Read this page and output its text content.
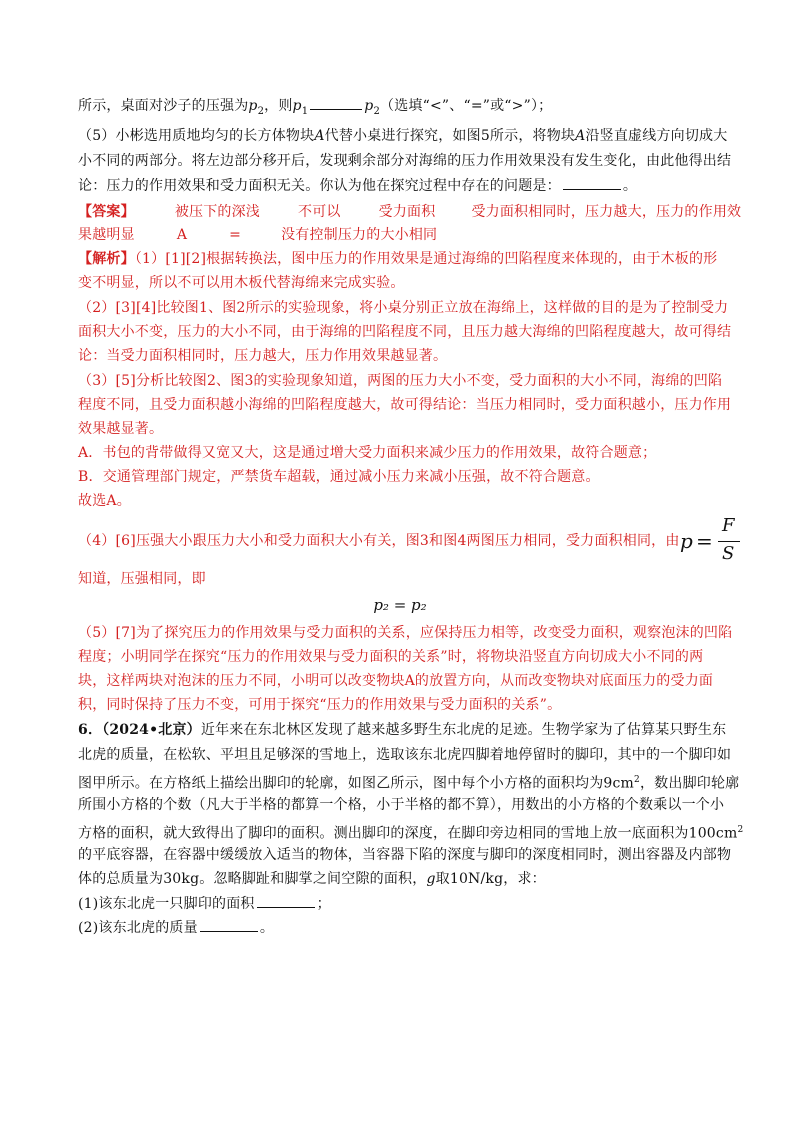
所示，桌面对沙子的压强为$p_2$，则$p_1$	$p_2$（选填“<”、“=”或“>”）；
（5）小彬选用质地均匀的长方体物块A代替小桌进行探究，如图5所示，将物块A沿竖直虚线方向切成大
小不同的两部分。将左边部分移开后，发现剩余部分对海绵的压力作用效果没有发生变化，由此他得出结
论：压力的作用效果和受力面积无关。你认为他在探究过程中存在的问题是：	。
【答案】	被压下的深浅	不可以	受力面积	受力面积相同时，压力越大，压力的作用效
果越明显	A	=	没有控制压力的大小相同
【解析】（1）[1][2]根据转换法，图中压力的作用效果是通过海绵的凹陷程度来体现的，由于木板的形
变不明显，所以不可以用木板代替海绵来完成实验。
（2）[3][4]比较图1、图2所示的实验现象，将小桌分别正立放在海绵上，这样做的目的是为了控制受力
面积大小不变，压力的大小不同，由于海绵的凹陷程度不同，且压力越大海绵的凹陷程度越大，故可得结
论：当受力面积相同时，压力越大，压力作用效果越显著。
（3）[5]分析比较图2、图3的实验现象知道，两图的压力大小不变，受力面积的大小不同，海绵的凹陷
程度不同，且受力面积越小海绵的凹陷程度越大，故可得结论：当压力相同时，受力面积越小，压力作用
效果越显著。
A．书包的背带做得又宽又大，这是通过增大受力面积来减少压力的作用效果，故符合题意；
B．交通管理部门规定，严禁货车超载，通过减小压力来减小压强，故不符合题意。
故选A。
（4）[6]压强大小跟压力大小和受力面积大小有关，图3和图4两图压力相同，受力面积相同，由 p =
F
S
知道，压强相同，即
p₂ = p₂
（5）[7]为了探究压力的作用效果与受力面积的关系，应保持压力相等，改变受力面积，观察泡沫的凹陷
程度；小明同学在探究“压力的作用效果与受力面积的关系”时，将物块沿竖直方向切成大小不同的两
块，这样两块对泡沫的压力不同，小明可以改变物块A的放置方向，从而改变物块对底面压力的受力面
积，同时保持了压力不变，可用于探究“压力的作用效果与受力面积的关系”。
6．（2024•北京）近年来在东北林区发现了越来越多野生东北虎的足迹。生物学家为了估算某只野生东
北虎的质量，在松软、平坦且足够深的雪地上，选取该东北虎四脚着地停留时的脚印，其中的一个脚印如
图甲所示。在方格纸上描绘出脚印的轮廓，如图乙所示，图中每个小方格的面积均为$9cm^2$，数出脚印轮廓
所围小方格的个数（凡大于半格的都算一个格，小于半格的都不算），用数出的小方格的个数乘以一个小
方格的面积，就大致得出了脚印的面积。测出脚印的深度，在脚印旁边相同的雪地上放一底面积为$100cm^2$
的平底容器，在容器中缓缓放入适当的物体，当容器下陷的深度与脚印的深度相同时，测出容器及内部物
体的总质量为30kg。忽略脚趾和脚掌之间空隙的面积，g取10N/kg，求：
(1)该东北虎一只脚印的面积	；
(2)该东北虎的质量	。
